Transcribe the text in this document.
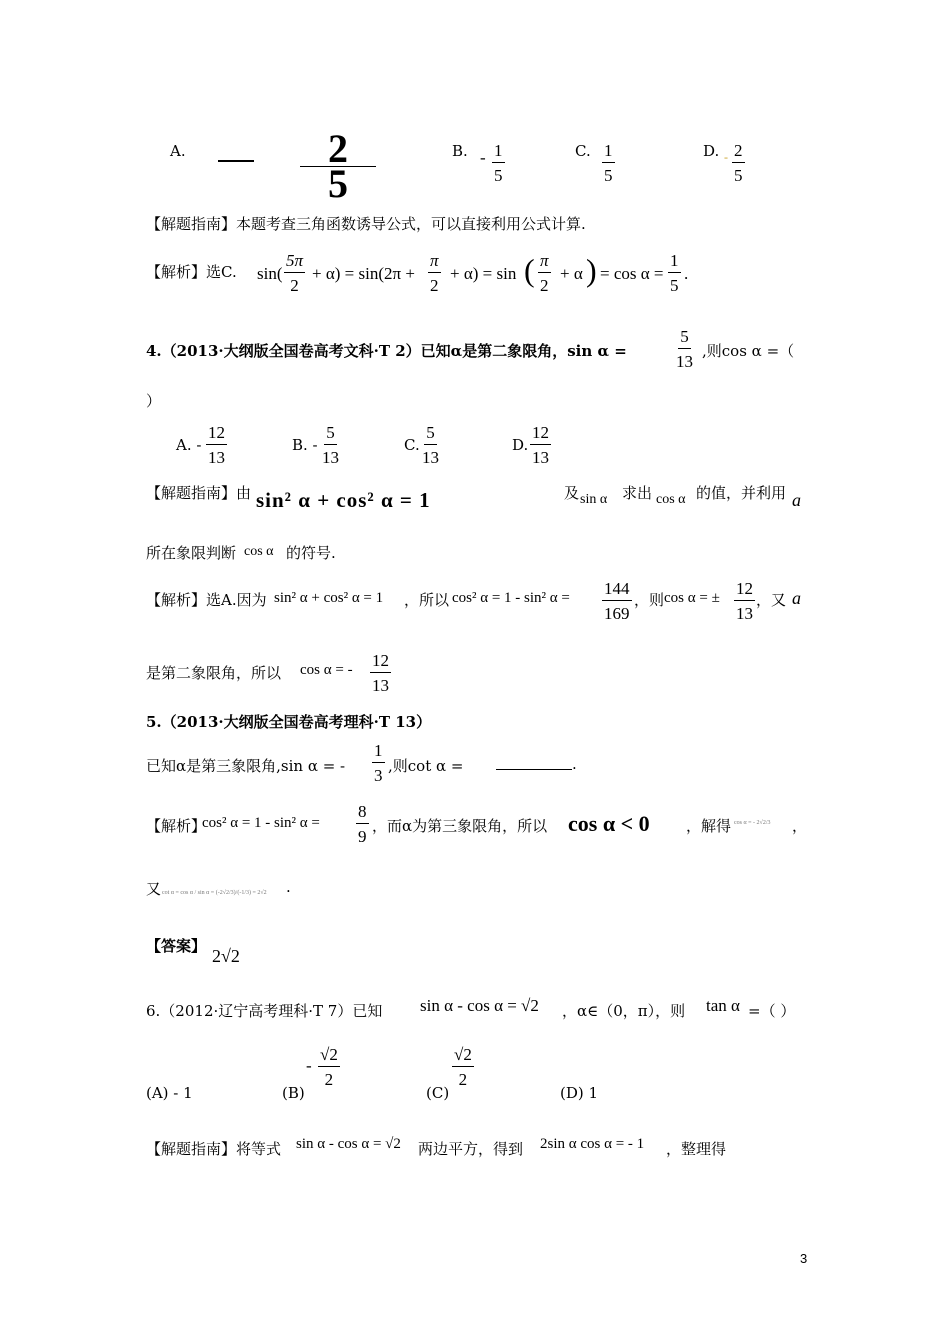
A.	$\frac{2}{5}$	B. - $\frac{1}{5}$	C. $\frac{1}{5}$	D. - $\frac{2}{5}$
【解题指南】本题考查三角函数诱导公式，可以直接利用公式计算.
【解析】选C. $\sin( \frac{5\pi}{2} + \alpha) = \sin(2\pi + \frac{\pi}{2} + \alpha) = \sin$ ( $\frac{\pi}{2} + \alpha$ ) = $\cos \alpha = \frac{1}{5}$ .
4.（2013·大纲版全国卷高考文科·T 2）已知α是第二象限角，sin α =	$\frac{5}{13}$ ,则cos α =（
）
A. - $\frac{12}{13}$	B. - $\frac{5}{13}$	C. $\frac{5}{13}$	D. $\frac{12}{13}$
【解题指南】由 sin² α + cos² α = 1	及 sin α 求出 cos α 的值，并利用 a
所在象限判断 cos α 的符号.
【解析】选A.因为 sin² α + cos² α = 1 ，所以 cos² α = 1 - sin² $\alpha = \frac{144}{169}$ ，则 cos α = ± $\frac{12}{13}$ ，又 a
是第二象限角，所以 cos α = - $\frac{12}{13}$
5.（2013·大纲版全国卷高考理科·T 13）
已知α是第三象限角,sin α = - $\frac{1}{3}$ ,则cot α =	.
【解析】
cos² α = 1 - sin² $\alpha = \frac{8}{9}$ ，而α为第三象限角，所以 cos α < 0 ，解得 cos α = - 2√2/3 ，
又 cot α = cos α / sin α = (-2√2/3)/(-1/3) = 2√2 .
【答案】 2√2
6.（2012·辽宁高考理科·T 7）已知 sin α - cos α = √2 ，α∈（0，π），则 tan α =（ ）
(A) - 1	(B)
- $\frac{√2}{2}$
(C)
$\frac{√2}{2}$
(D) 1
【解题指南】将等式 sin α - cos α = √2 两边平方，得到 2sin α cos α = - 1 ，整理得
3
